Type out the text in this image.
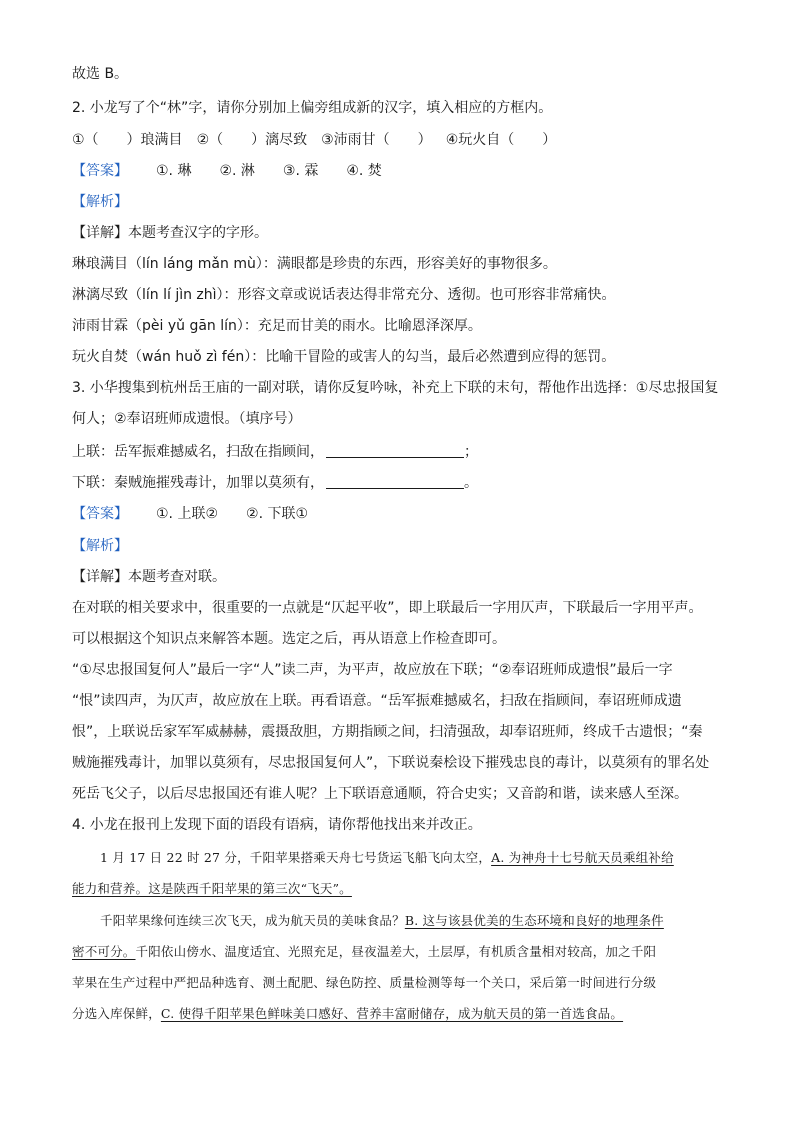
故选 B。
2. 小龙写了个“林”字，请你分别加上偏旁组成新的汉字，填入相应的方框内。
①（　　）琅满目 ②（　　）漓尽致 ③沛雨甘（　　） ④玩火自（　　）
【答案】 ①. 琳 ②. 淋 ③. 霖 ④. 焚
【解析】
【详解】本题考查汉字的字形。
琳琅满目（lín láng mǎn mù）：满眼都是珍贵的东西，形容美好的事物很多。
淋漓尽致（lín lí jìn zhì）：形容文章或说话表达得非常充分、透彻。也可形容非常痛快。
沛雨甘霖（pèi yǔ gān lín）：充足而甘美的雨水。比喻恩泽深厚。
玩火自焚（wán huǒ zì fén）：比喻干冒险的或害人的勾当，最后必然遭到应得的惩罚。
3. 小华搜集到杭州岳王庙的一副对联，请你反复吟咏，补充上下联的末句，帮他作出选择：①尽忠报国复
何人；②奉诏班师成遗恨。（填序号）
上联：岳军振难撼威名，扫敌在指顾间，	；
下联：秦贼施摧残毒计，加罪以莫须有，	。
【答案】 ①. 上联② ②. 下联①
【解析】
【详解】本题考查对联。
在对联的相关要求中，很重要的一点就是“仄起平收”，即上联最后一字用仄声，下联最后一字用平声。
可以根据这个知识点来解答本题。选定之后，再从语意上作检查即可。
“①尽忠报国复何人”最后一字“人”读二声，为平声，故应放在下联；“②奉诏班师成遗恨”最后一字
“恨”读四声，为仄声，故应放在上联。再看语意。“岳军振难撼威名，扫敌在指顾间，奉诏班师成遗
恨”，上联说岳家军军威赫赫，震摄敌胆，方期指顾之间，扫清强敌，却奉诏班师，终成千古遗恨；“秦
贼施摧残毒计，加罪以莫须有，尽忠报国复何人”，下联说秦桧设下摧残忠良的毒计，以莫须有的罪名处
死岳飞父子，以后尽忠报国还有谁人呢？上下联语意通顺，符合史实；又音韵和谐，读来感人至深。
4. 小龙在报刊上发现下面的语段有语病，请你帮他找出来并改正。
1 月 17 日 22 时 27 分，千阳苹果搭乘天舟七号货运飞船飞向太空，A. 为神舟十七号航天员乘组补给
能力和营养。这是陕西千阳苹果的第三次“飞天”。
千阳苹果缘何连续三次飞天，成为航天员的美味食品？B. 这与该县优美的生态环境和良好的地理条件
密不可分。千阳依山傍水、温度适宜、光照充足，昼夜温差大，土层厚，有机质含量相对较高，加之千阳
苹果在生产过程中严把品种选育、测土配肥、绿色防控、质量检测等每一个关口，采后第一时间进行分级
分选入库保鲜，C. 使得千阳苹果色鲜味美口感好、营养丰富耐储存，成为航天员的第一首选食品。
